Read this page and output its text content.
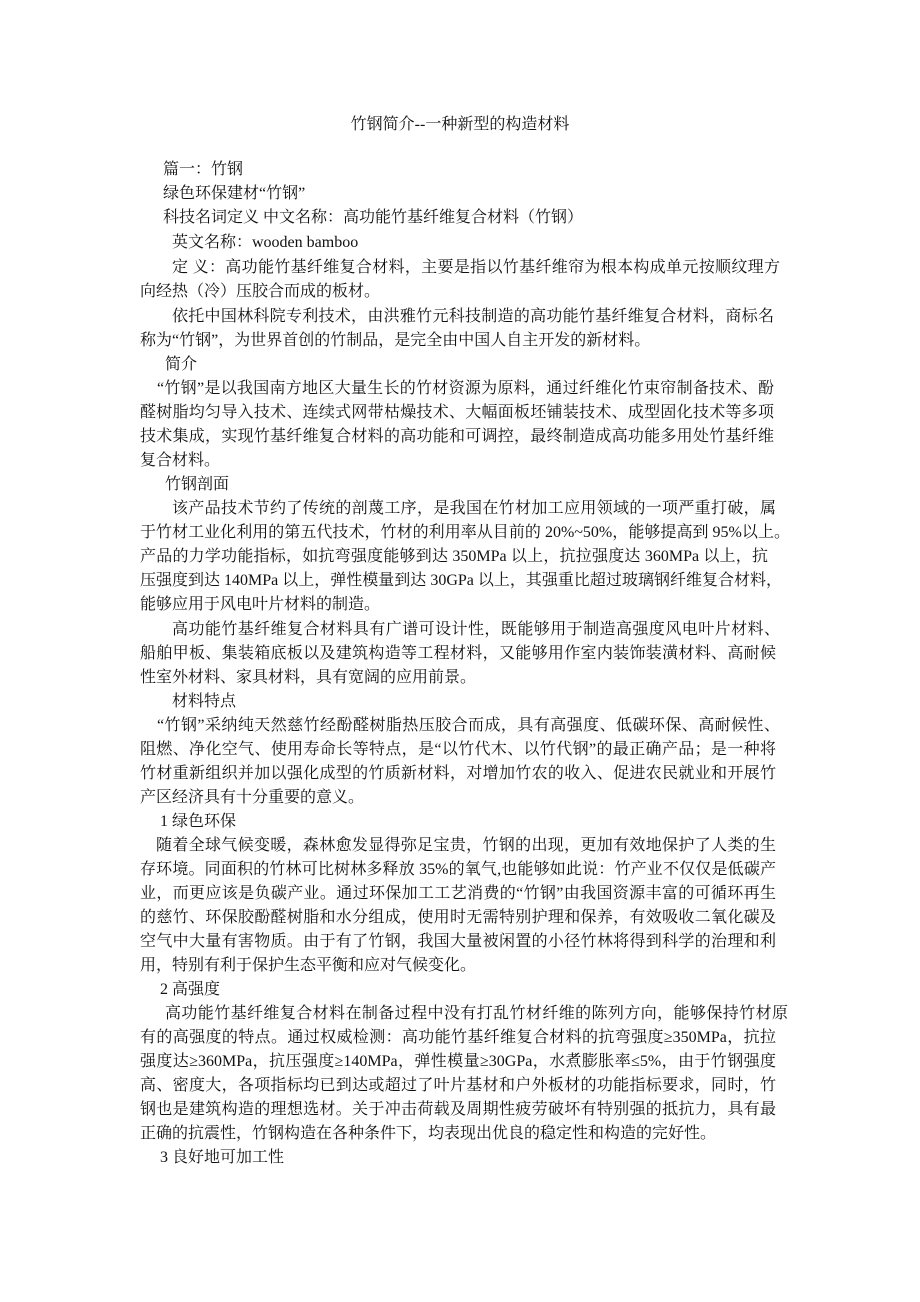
竹钢简介--一种新型的构造材料
篇一：竹钢
绿色环保建材“竹钢”
科技名词定义 中文名称：高功能竹基纤维复合材料（竹钢）
英文名称：wooden bamboo
定 义：高功能竹基纤维复合材料，主要是指以竹基纤维帘为根本构成单元按顺纹理方
向经热（冷）压胶合而成的板材。
依托中国林科院专利技术，由洪雅竹元科技制造的高功能竹基纤维复合材料，商标名
称为“竹钢”，为世界首创的竹制品，是完全由中国人自主开发的新材料。
简介
“竹钢”是以我国南方地区大量生长的竹材资源为原料，通过纤维化竹束帘制备技术、酚
醛树脂均匀导入技术、连续式网带枯燥技术、大幅面板坯铺装技术、成型固化技术等多项
技术集成，实现竹基纤维复合材料的高功能和可调控，最终制造成高功能多用处竹基纤维
复合材料。
竹钢剖面
该产品技术节约了传统的剖蔑工序，是我国在竹材加工应用领域的一项严重打破，属
于竹材工业化利用的第五代技术，竹材的利用率从目前的 20%~50%，能够提高到 95%以上。
产品的力学功能指标，如抗弯强度能够到达 350MPa 以上，抗拉强度达 360MPa 以上，抗
压强度到达 140MPa 以上，弹性模量到达 30GPa 以上，其强重比超过玻璃钢纤维复合材料，
能够应用于风电叶片材料的制造。
高功能竹基纤维复合材料具有广谱可设计性，既能够用于制造高强度风电叶片材料、
船舶甲板、集装箱底板以及建筑构造等工程材料，又能够用作室内装饰装潢材料、高耐候
性室外材料、家具材料，具有宽阔的应用前景。
材料特点
“竹钢”采纳纯天然慈竹经酚醛树脂热压胶合而成，具有高强度、低碳环保、高耐候性、
阻燃、净化空气、使用寿命长等特点，是“以竹代木、以竹代钢”的最正确产品；是一种将
竹材重新组织并加以强化成型的竹质新材料，对增加竹农的收入、促进农民就业和开展竹
产区经济具有十分重要的意义。
1 绿色环保
随着全球气候变暖，森林愈发显得弥足宝贵，竹钢的出现，更加有效地保护了人类的生
存环境。同面积的竹林可比树林多释放 35%的氧气,也能够如此说：竹产业不仅仅是低碳产
业，而更应该是负碳产业。通过环保加工工艺消费的“竹钢”由我国资源丰富的可循环再生
的慈竹、环保胶酚醛树脂和水分组成，使用时无需特别护理和保养，有效吸收二氧化碳及
空气中大量有害物质。由于有了竹钢，我国大量被闲置的小径竹林将得到科学的治理和利
用，特别有利于保护生态平衡和应对气候变化。
2 高强度
高功能竹基纤维复合材料在制备过程中没有打乱竹材纤维的陈列方向，能够保持竹材原
有的高强度的特点。通过权威检测：高功能竹基纤维复合材料的抗弯强度≥350MPa，抗拉
强度达≥360MPa，抗压强度≥140MPa，弹性模量≥30GPa，水煮膨胀率≤5%，由于竹钢强度
高、密度大，各项指标均已到达或超过了叶片基材和户外板材的功能指标要求，同时，竹
钢也是建筑构造的理想选材。关于冲击荷载及周期性疲劳破坏有特别强的抵抗力，具有最
正确的抗震性，竹钢构造在各种条件下，均表现出优良的稳定性和构造的完好性。
3 良好地可加工性
